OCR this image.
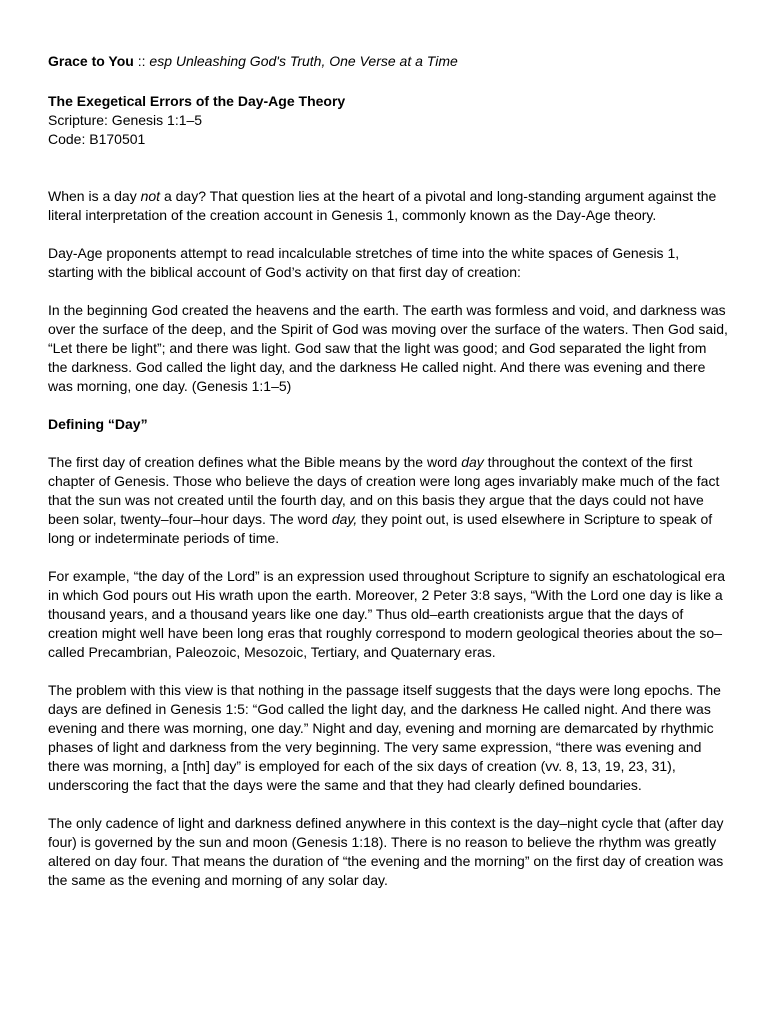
Grace to You :: esp Unleashing God's Truth, One Verse at a Time
The Exegetical Errors of the Day-Age Theory
Scripture: Genesis 1:1–5
Code: B170501

When is a day not a day? That question lies at the heart of a pivotal and long-standing argument against the literal interpretation of the creation account in Genesis 1, commonly known as the Day-Age theory.

Day-Age proponents attempt to read incalculable stretches of time into the white spaces of Genesis 1, starting with the biblical account of God’s activity on that first day of creation:

In the beginning God created the heavens and the earth. The earth was formless and void, and darkness was over the surface of the deep, and the Spirit of God was moving over the surface of the waters. Then God said, “Let there be light”; and there was light. God saw that the light was good; and God separated the light from the darkness. God called the light day, and the darkness He called night. And there was evening and there was morning, one day. (Genesis 1:1–5)

Defining “Day”

The first day of creation defines what the Bible means by the word day throughout the context of the first chapter of Genesis. Those who believe the days of creation were long ages invariably make much of the fact that the sun was not created until the fourth day, and on this basis they argue that the days could not have been solar, twenty–four–hour days. The word day, they point out, is used elsewhere in Scripture to speak of long or indeterminate periods of time.

For example, “the day of the Lord” is an expression used throughout Scripture to signify an eschatological era in which God pours out His wrath upon the earth. Moreover, 2 Peter 3:8 says, “With the Lord one day is like a thousand years, and a thousand years like one day.” Thus old–earth creationists argue that the days of creation might well have been long eras that roughly correspond to modern geological theories about the so–called Precambrian, Paleozoic, Mesozoic, Tertiary, and Quaternary eras.

The problem with this view is that nothing in the passage itself suggests that the days were long epochs. The days are defined in Genesis 1:5: “God called the light day, and the darkness He called night. And there was evening and there was morning, one day.” Night and day, evening and morning are demarcated by rhythmic phases of light and darkness from the very beginning. The very same expression, “there was evening and there was morning, a [nth] day” is employed for each of the six days of creation (vv. 8, 13, 19, 23, 31), underscoring the fact that the days were the same and that they had clearly defined boundaries.

The only cadence of light and darkness defined anywhere in this context is the day–night cycle that (after day four) is governed by the sun and moon (Genesis 1:18). There is no reason to believe the rhythm was greatly altered on day four. That means the duration of “the evening and the morning” on the first day of creation was the same as the evening and morning of any solar day.
